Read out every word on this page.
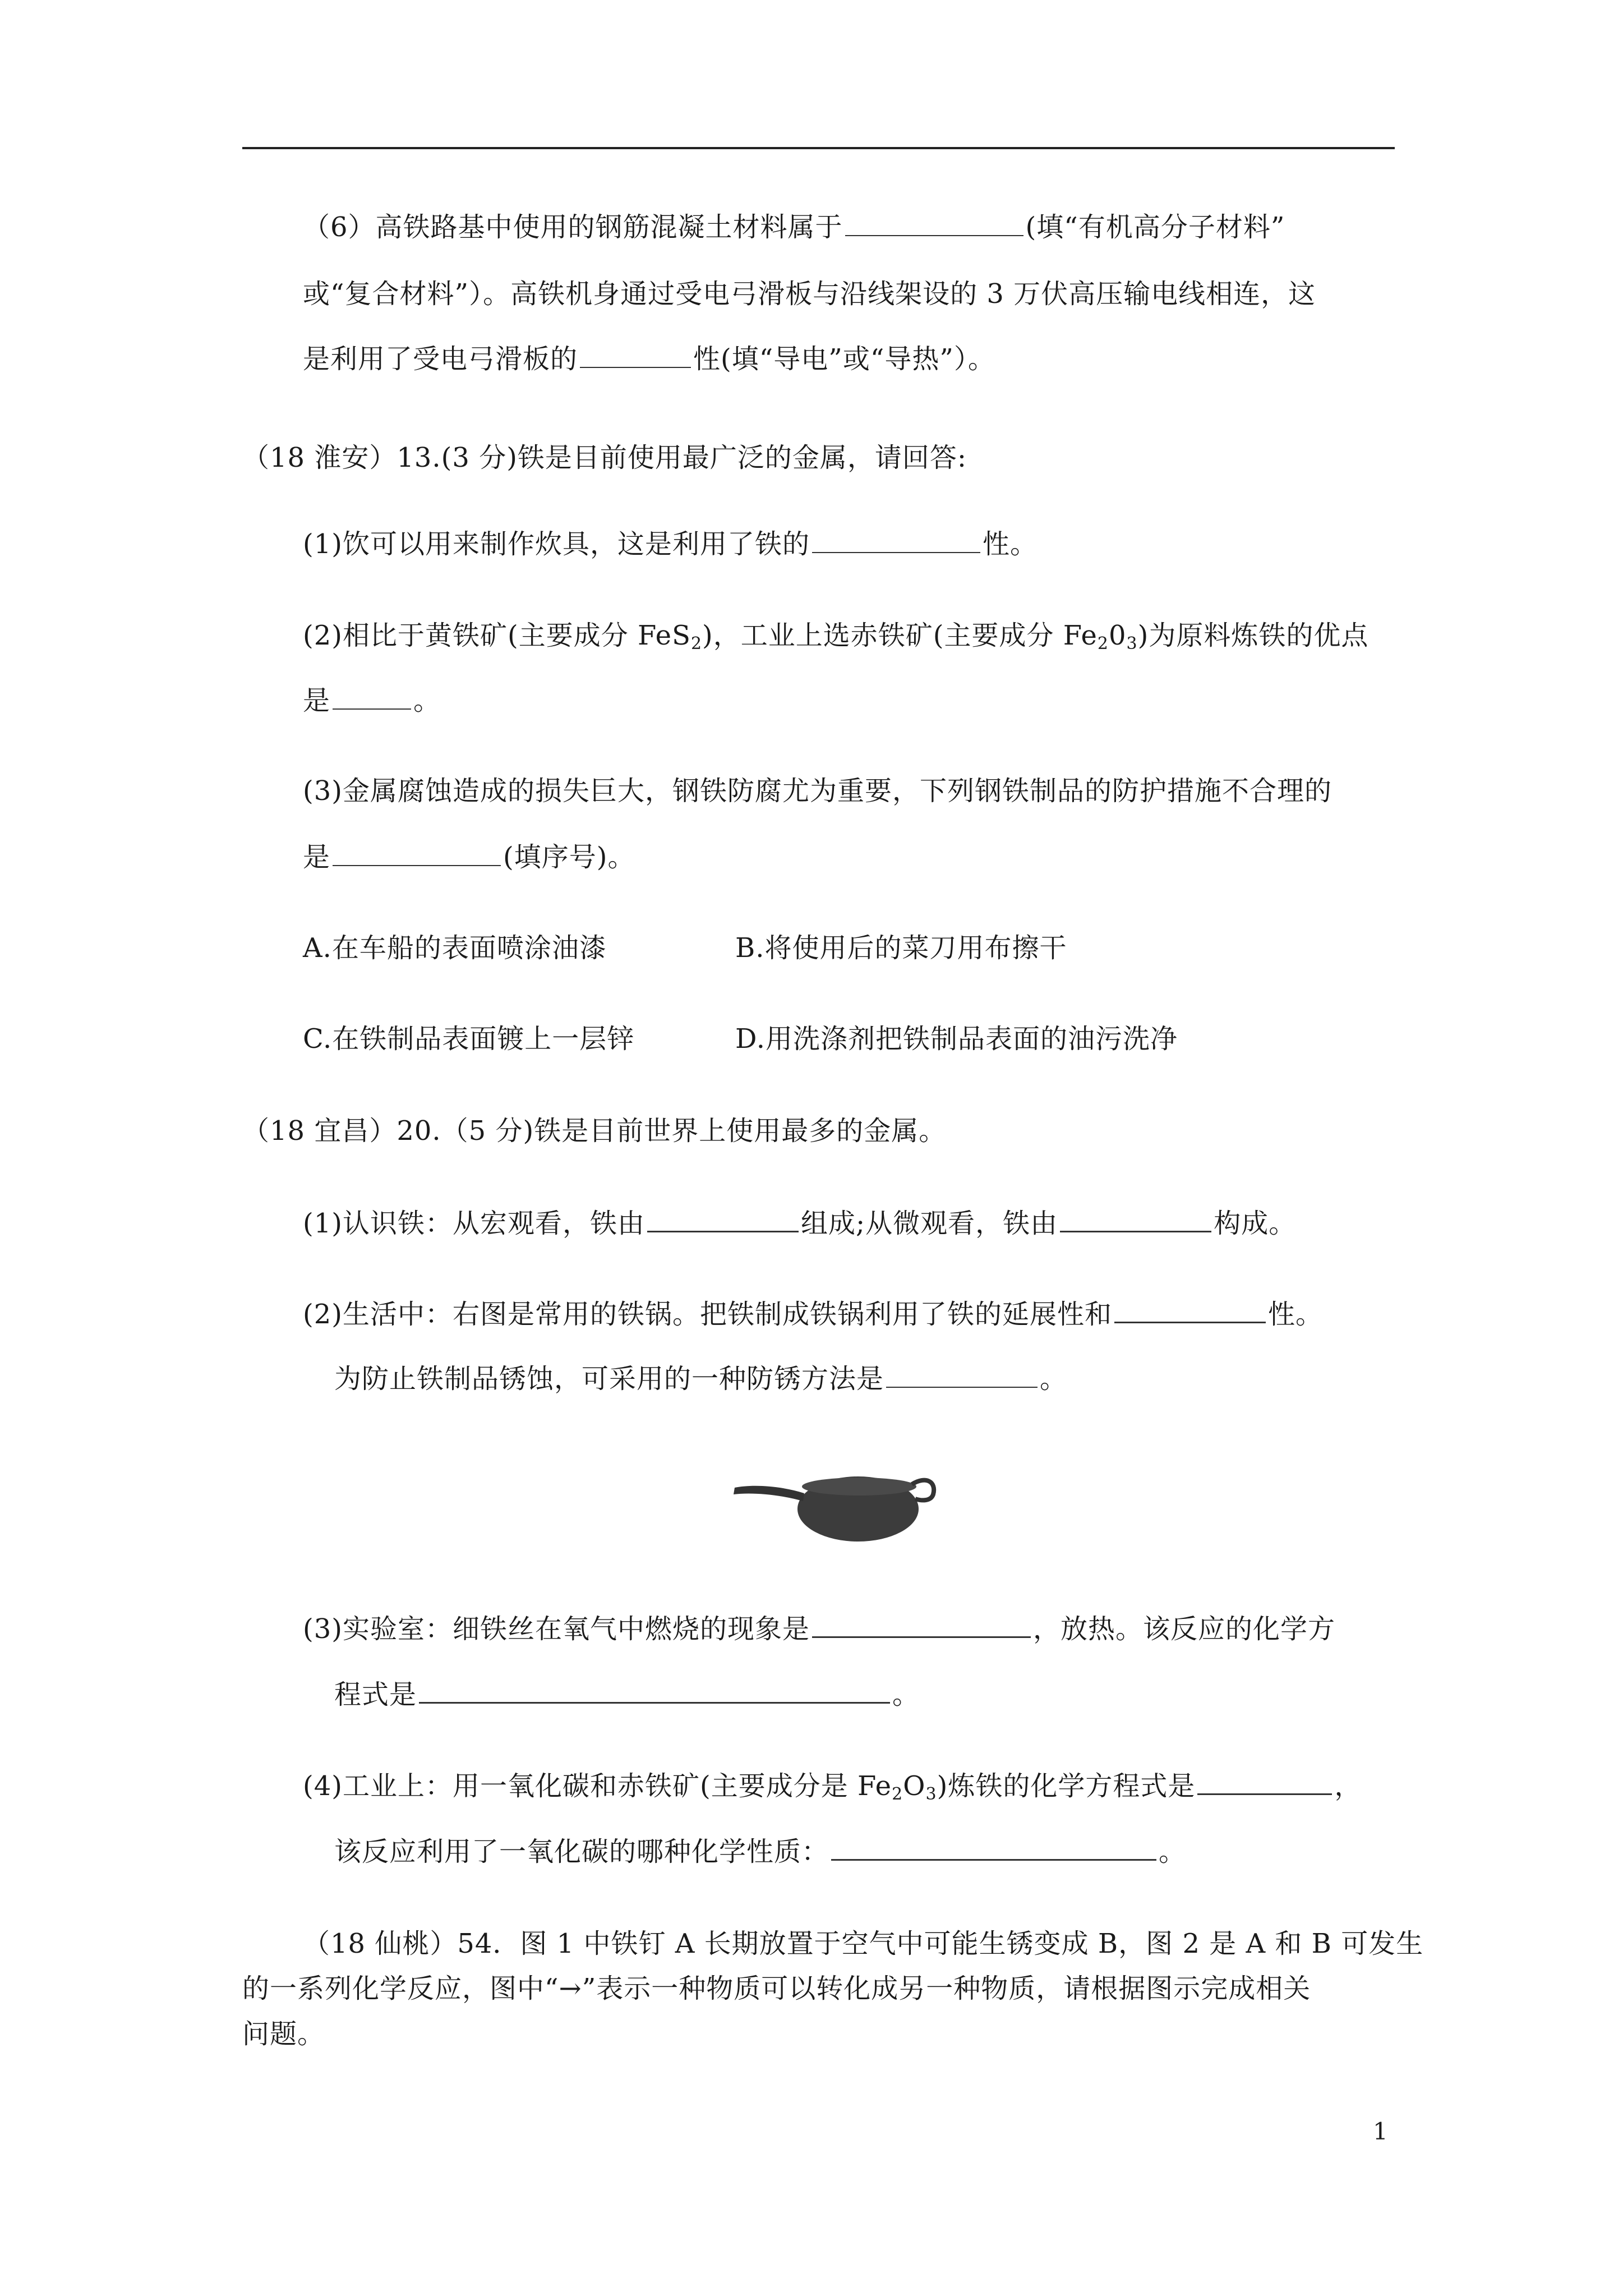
（6）高铁路基中使用的钢筋混凝土材料属于	(填“有机高分子材料”
或“复合材料”）。高铁机身通过受电弓滑板与沿线架设的 3 万伏高压输电线相连，这
是利用了受电弓滑板的	性(填“导电”或“导热”）。
（18 淮安）13.(3 分)铁是目前使用最广泛的金属，请回答:
(1)饮可以用来制作炊具，这是利用了铁的	性。
(2)相比于黄铁矿(主要成分 FeS$_2$)，工业上选赤铁矿(主要成分 $Fe_20_3$)为原料炼铁的优点
是	。
(3)金属腐蚀造成的损失巨大，钢铁防腐尤为重要，下列钢铁制品的防护措施不合理的
是	(填序号)。
A.在车船的表面喷涂油漆	B.将使用后的菜刀用布擦干
C.在铁制品表面镀上一层锌	D.用洗涤剂把铁制品表面的油污洗净
（18 宜昌）20.（5 分)铁是目前世界上使用最多的金属。
(1)认识铁：从宏观看，铁由	组成;从微观看，铁由	构成。
(2)生活中：右图是常用的铁锅。把铁制成铁锅利用了铁的延展性和	性。
为防止铁制品锈蚀，可采用的一种防锈方法是	。
(3)实验室：细铁丝在氧气中燃烧的现象是	，放热。该反应的化学方
程式是	。
(4)工业上：用一氧化碳和赤铁矿(主要成分是 $Fe_2O_3$)炼铁的化学方程式是	，
该反应利用了一氧化碳的哪种化学性质：	。
（18 仙桃）54．图 1 中铁钉 A 长期放置于空气中可能生锈变成 B，图 2 是 A 和 B 可发生
的一系列化学反应，图中“→”表示一种物质可以转化成另一种物质，请根据图示完成相关
问题。
1
